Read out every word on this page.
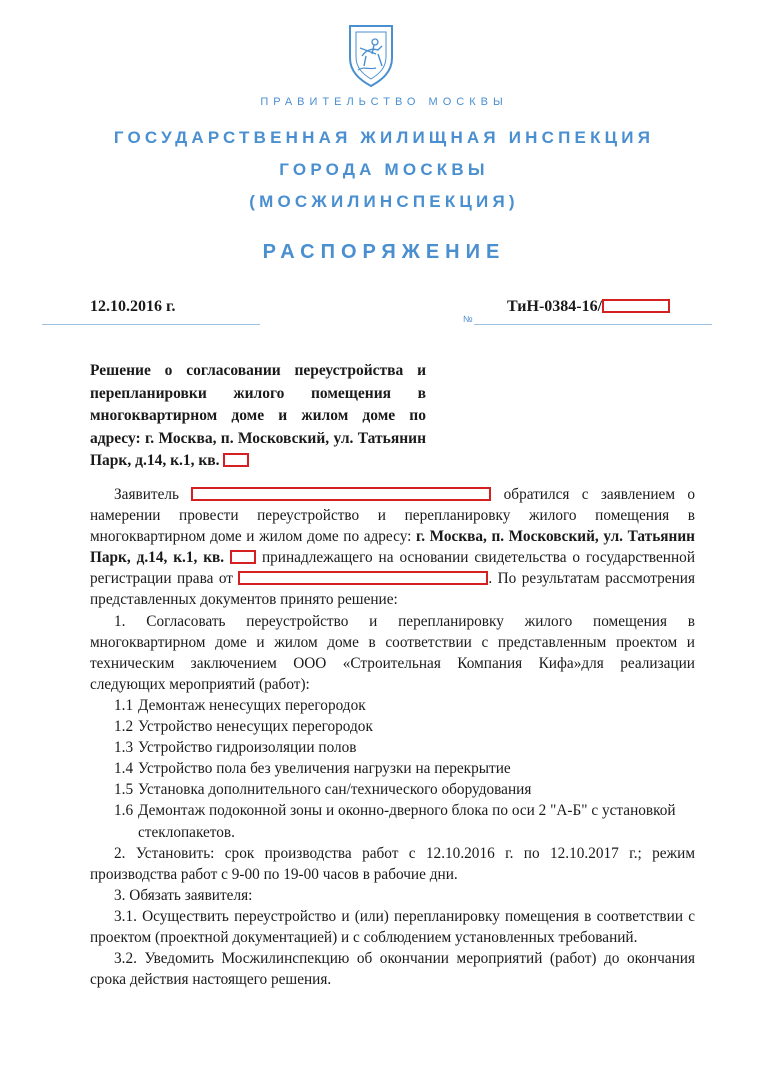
ПРАВИТЕЛЬСТВО МОСКВЫ
ГОСУДАРСТВЕННАЯ ЖИЛИЩНАЯ ИНСПЕКЦИЯ
ГОРОДА МОСКВЫ
(МОСЖИЛИНСПЕКЦИЯ)
РАСПОРЯЖЕНИЕ
12.10.2016 г.
№
ТиН-0384-16/
Решение о согласовании переустройства и перепланировки жилого помещения в многоквартирном доме и жилом доме по адресу: г. Москва, п. Московский, ул. Татьянин Парк, д.14, к.1, кв.

Заявитель	обратился с заявлением о

намерении провести переустройство и перепланировку жилого помещения в многоквартирном доме и жилом доме по адресу: г. Москва, п. Московский, ул. Татьянин Парк, д.14, к.1, кв. принадлежащего на основании свидетельства о государственной регистрации права от	. По результатам рассмотрения представленных документов принято решение:

1. Согласовать переустройство и перепланировку жилого помещения в многоквартирном доме и жилом доме в соответствии с представленным проектом и техническим заключением ООО «Строительная Компания Кифа»для реализации следующих мероприятий (работ):

1.1 Демонтаж ненесущих перегородок
1.2 Устройство ненесущих перегородок
1.3 Устройство гидроизоляции полов
1.4 Устройство пола без увеличения нагрузки на перекрытие
1.5 Установка дополнительного сан/технического оборудования
1.6 Демонтаж подоконной зоны и оконно-дверного блока по оси 2 "А-Б" с установкой стеклопакетов.

2. Установить: срок производства работ с 12.10.2016 г. по 12.10.2017 г.; режим производства работ с 9-00 по 19-00 часов в рабочие дни.

3. Обязать заявителя:

3.1. Осуществить переустройство и (или) перепланировку помещения в соответствии с проектом (проектной документацией) и с соблюдением установленных требований.

3.2. Уведомить Мосжилинспекцию об окончании мероприятий (работ) до окончания срока действия настоящего решения.
